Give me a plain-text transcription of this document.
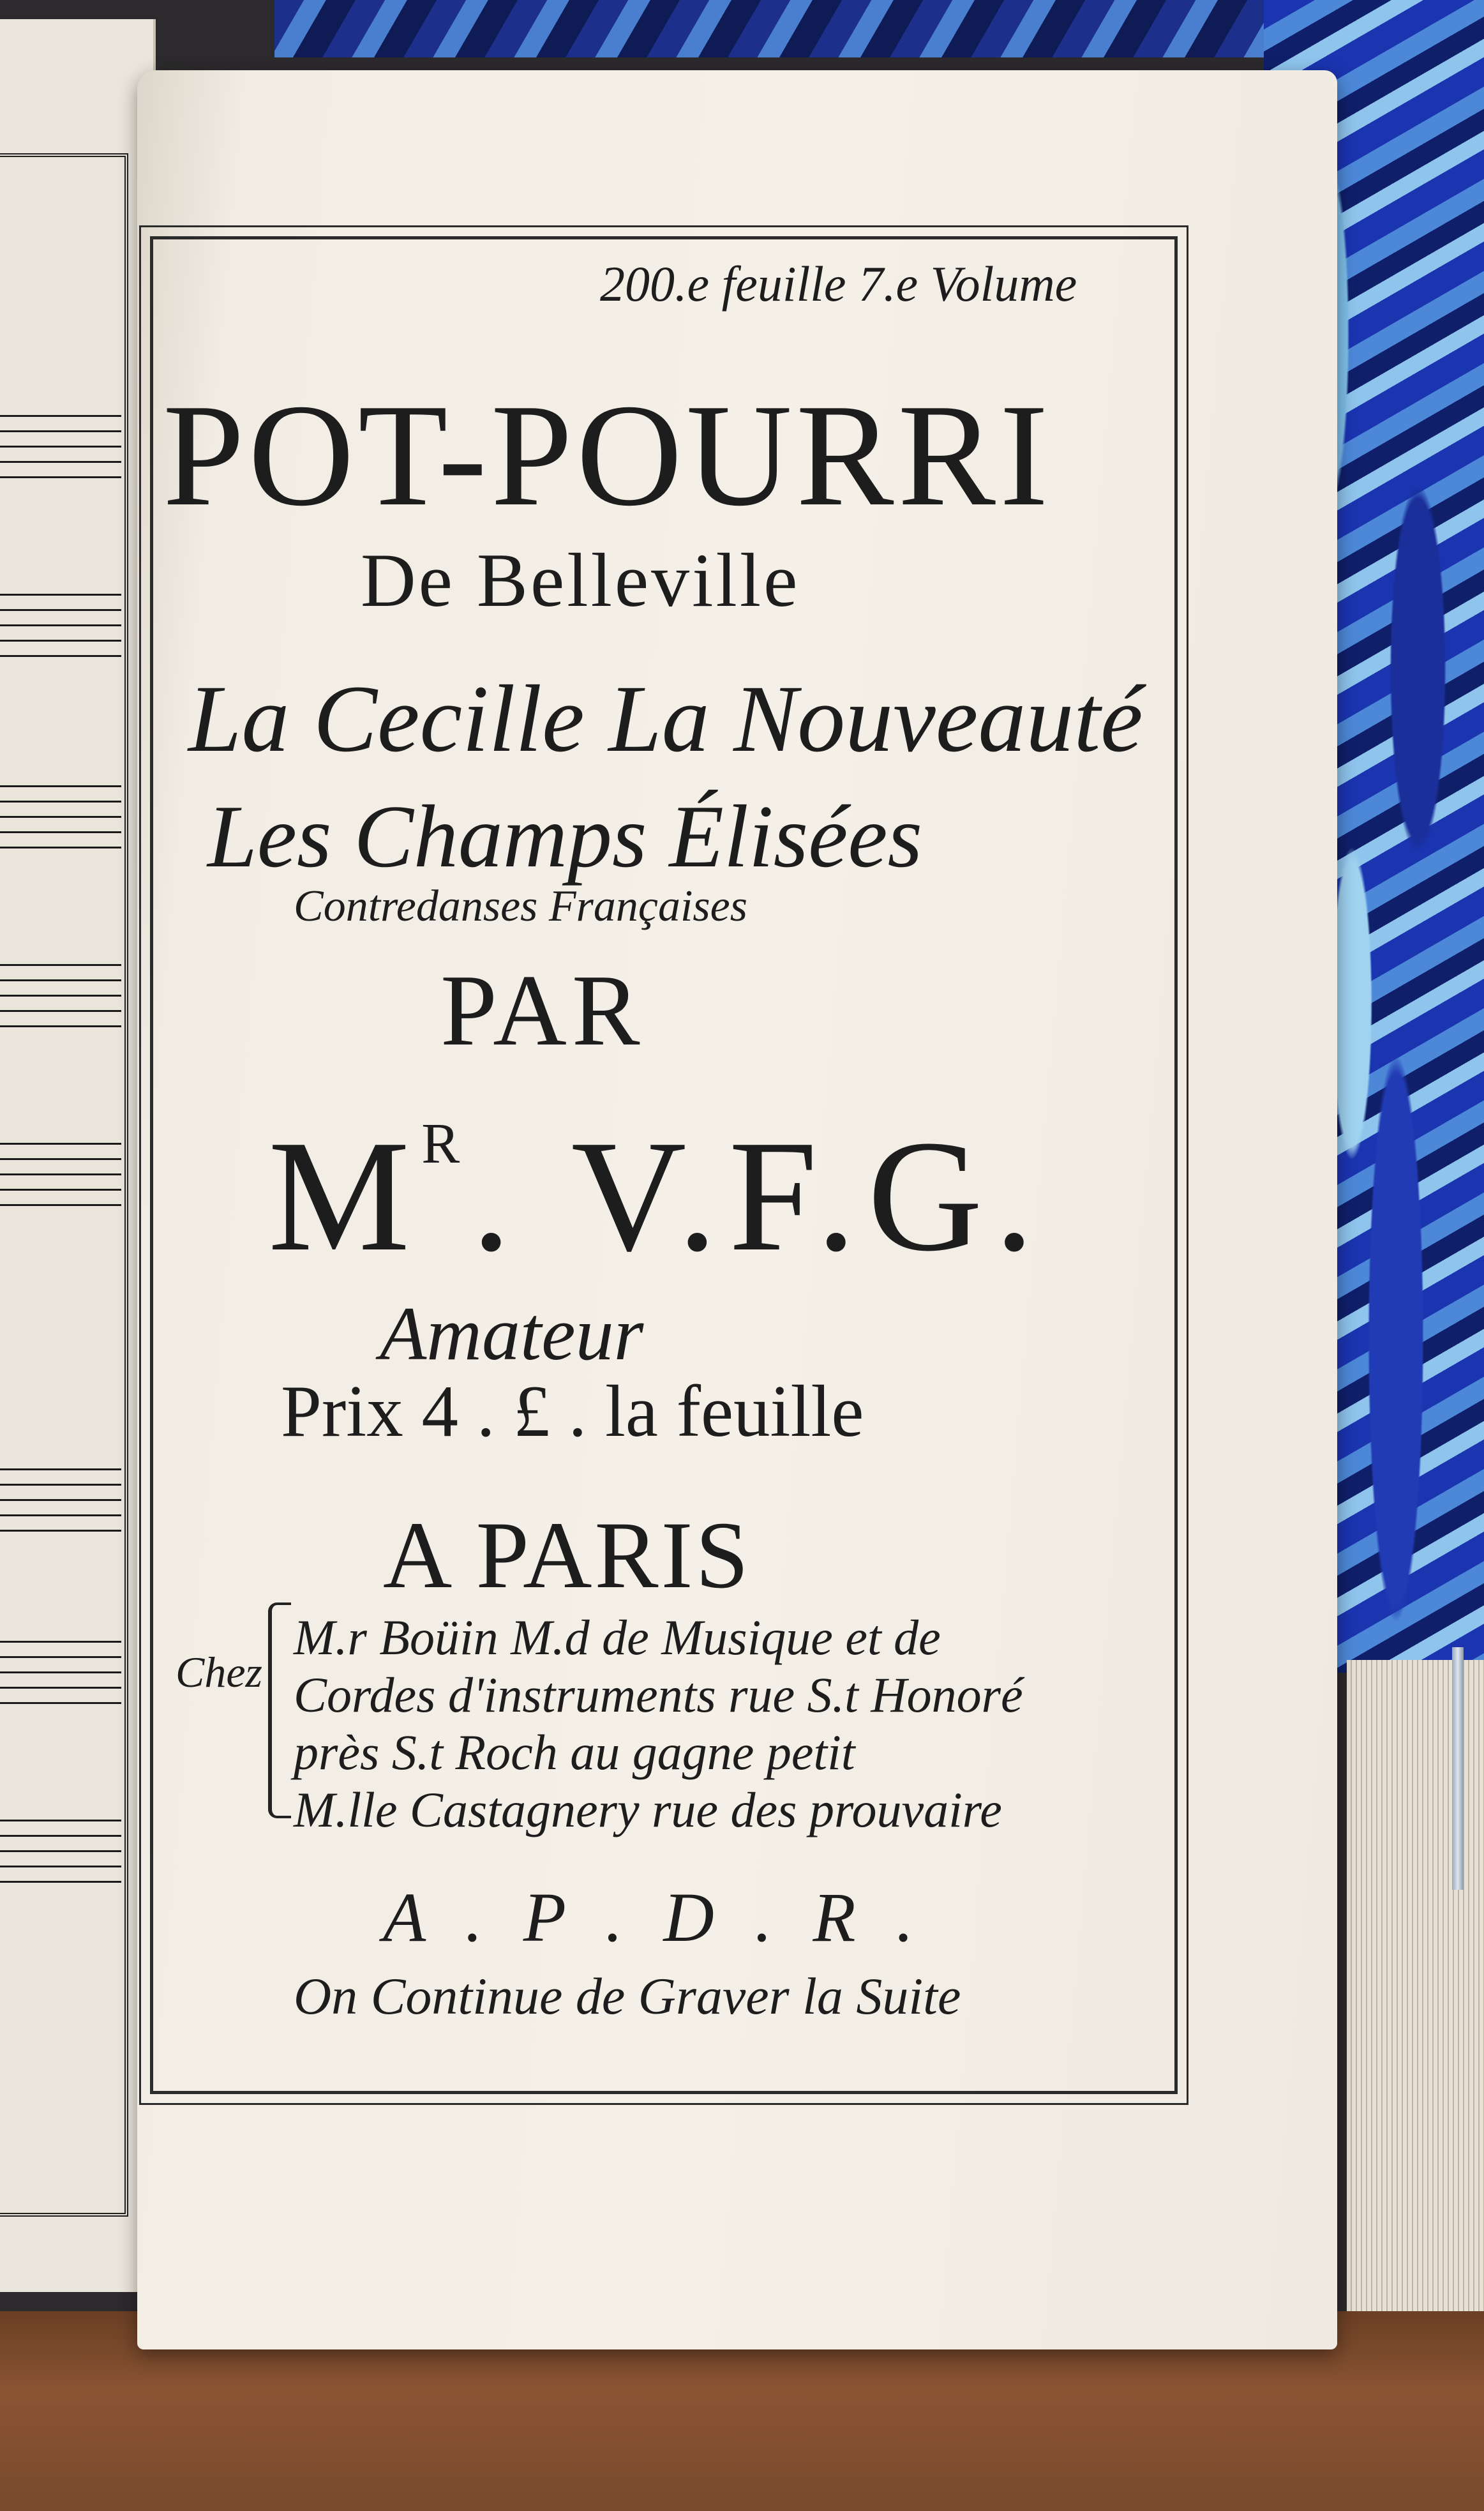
200.e feuille 7.e Volume
POT-POURRI
De Belleville
La Cecille La Nouveauté
Les Champs Élisées
Contredanses Françaises
PAR
$M^R$. V.F.G.
Amateur
Prix 4 . £ . la feuille
A PARIS
Chez
M.r Boüin M.d de Musique et de
Cordes d'instruments rue S.t Honoré
près S.t Roch au gagne petit
M.lle Castagnery rue des prouvaire
A . P . D . R .
On Continue de Graver la Suite
